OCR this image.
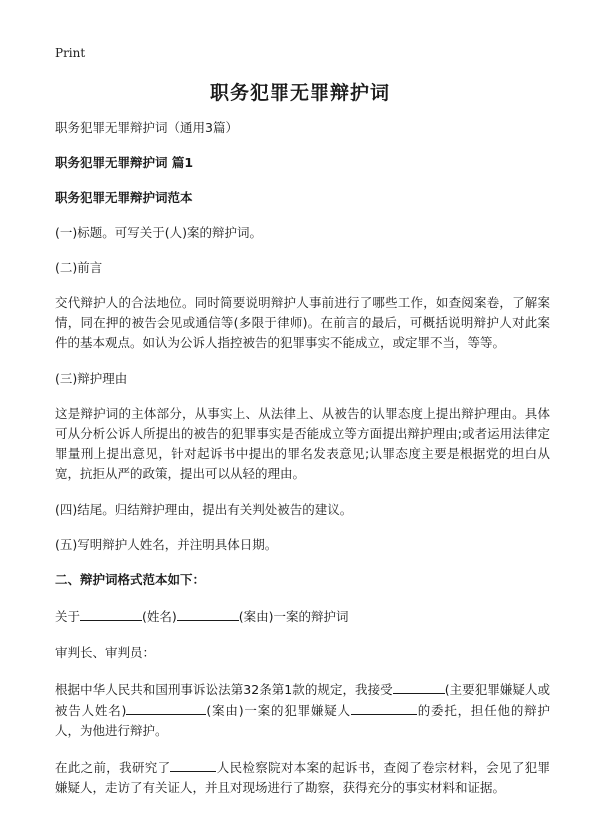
Print
职务犯罪无罪辩护词

职务犯罪无罪辩护词（通用3篇）

职务犯罪无罪辩护词 篇1

职务犯罪无罪辩护词范本

(一)标题。可写关于(人)案的辩护词。

(二)前言

交代辩护人的合法地位。同时简要说明辩护人事前进行了哪些工作，如查阅案卷，了解案情，同在押的被告会见或通信等(多限于律师)。在前言的最后，可概括说明辩护人对此案件的基本观点。如认为公诉人指控被告的犯罪事实不能成立，或定罪不当，等等。

(三)辩护理由

这是辩护词的主体部分，从事实上、从法律上、从被告的认罪态度上提出辩护理由。具体可从分析公诉人所提出的被告的犯罪事实是否能成立等方面提出辩护理由;或者运用法律定罪量刑上提出意见，针对起诉书中提出的罪名发表意见;认罪态度主要是根据党的坦白从宽，抗拒从严的政策，提出可以从轻的理由。

(四)结尾。归结辩护理由，提出有关判处被告的建议。

(五)写明辩护人姓名，并注明具体日期。

二、辩护词格式范本如下：

关于	(姓名)	(案由)一案的辩护词

审判长、审判员：

根据中华人民共和国刑事诉讼法第32条第1款的规定，我接受	(主要犯罪嫌疑人或被告人姓名)	(案由)一案的犯罪嫌疑人	的委托，担任他的辩护人，为他进行辩护。

在此之前，我研究了	人民检察院对本案的起诉书，查阅了卷宗材料，会见了犯罪嫌疑人，走访了有关证人，并且对现场进行了勘察，获得充分的事实材料和证据。
